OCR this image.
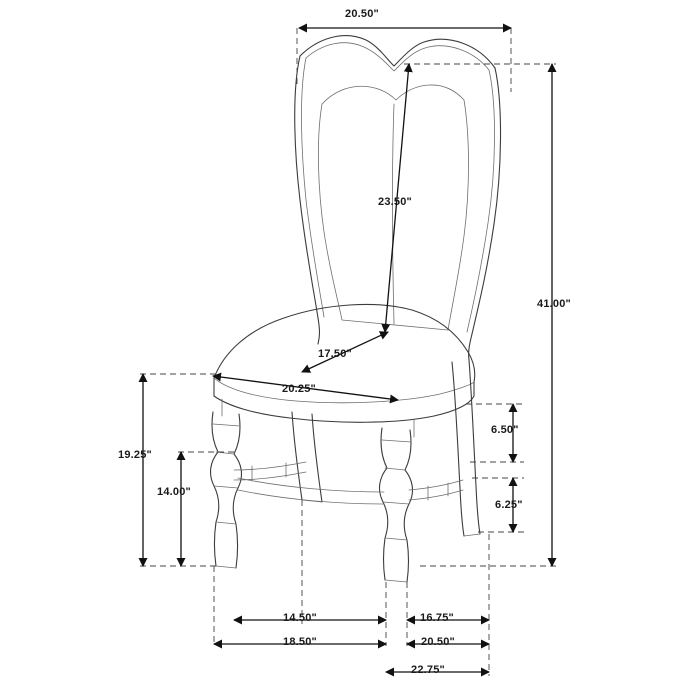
20.50"
23.50"
41.00"
17.50"
20.25"
19.25"
14.00"
6.50"
6.25"
14.50"	16.75"
18.50"	20.50"
22.75"
